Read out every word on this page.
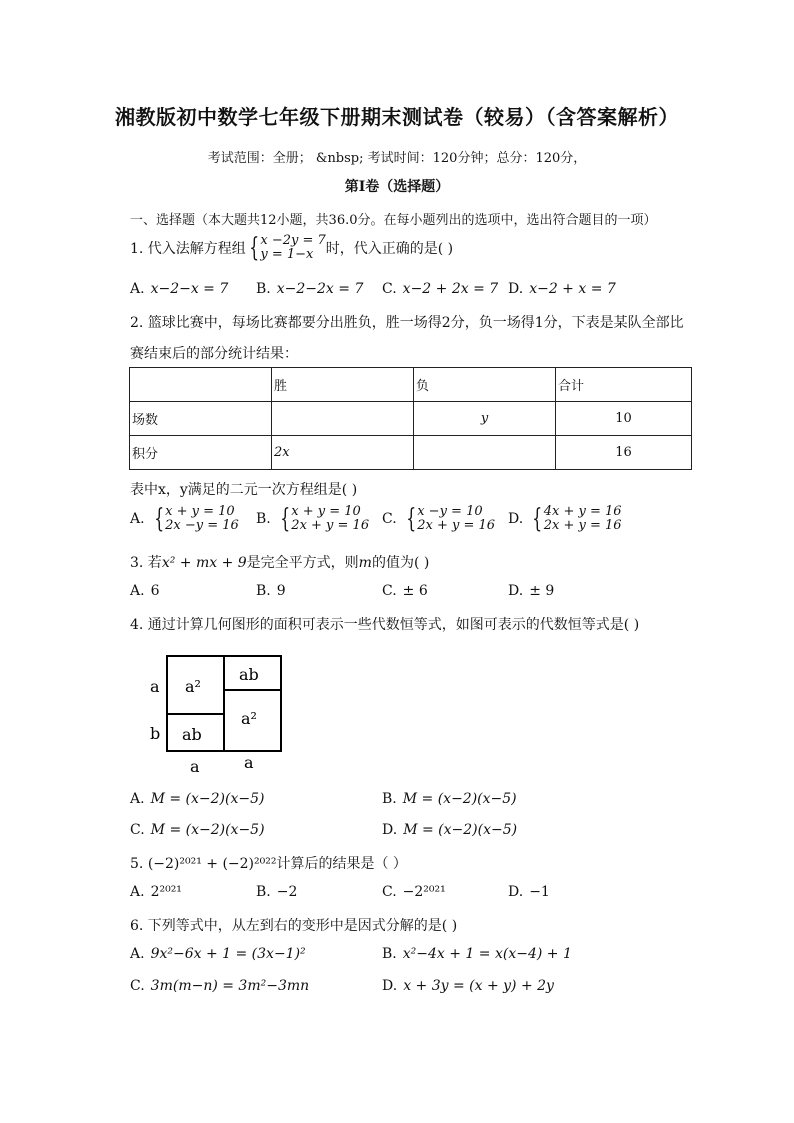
湘教版初中数学七年级下册期末测试卷（较易）（含答案解析）
考试范围：全册； &nbsp; 考试时间：120分钟；总分：120分，
第Ⅰ卷（选择题）
一、选择题（本大题共12小题，共36.0分。在每小题列出的选项中，选出符合题目的一项）
1. 代入法解方程组 {x −2y = 7
y = 1−x 时，代入正确的是( )
A. x−2−x = 7 B. x−2−2x = 7 C. x−2 + 2x = 7 D. x−2 + x = 7
2. 篮球比赛中，每场比赛都要分出胜负，胜一场得2分，负一场得1分，下表是某队全部比
赛结束后的部分统计结果：
	胜	负	合计
场数		y	10
积分	2x		16
表中x，y满足的二元一次方程组是( )
A. {x + y = 10
2x −y = 16 B. {x + y = 10
2x + y = 16 C. {x −y = 10
2x + y = 16 D. {4x + y = 16
2x + y = 16
3. 若x² + mx + 9是完全平方式，则m的值为( )
A. 6	B. 9	C. ± 6	D. ± 9
4. 通过计算几何图形的面积可表示一些代数恒等式，如图可表示的代数恒等式是( )
a
b
a	a
a²
ab
ab
a²
A. M = (x−2)(x−5)	B. M = (x−2)(x−5)
C. M = (x−2)(x−5)	D. M = (x−2)(x−5)
5. (−2)²⁰²¹ + (−2)²⁰²²计算后的结果是（ ）
A. 2²⁰²¹	B. −2	C. −2²⁰²¹	D. −1
6. 下列等式中，从左到右的变形中是因式分解的是( )
A. 9x²−6x + 1 = (3x−1)²	B. x²−4x + 1 = x(x−4) + 1
C. 3m(m−n) = 3m²−3mn	D. x + 3y = (x + y) + 2y
